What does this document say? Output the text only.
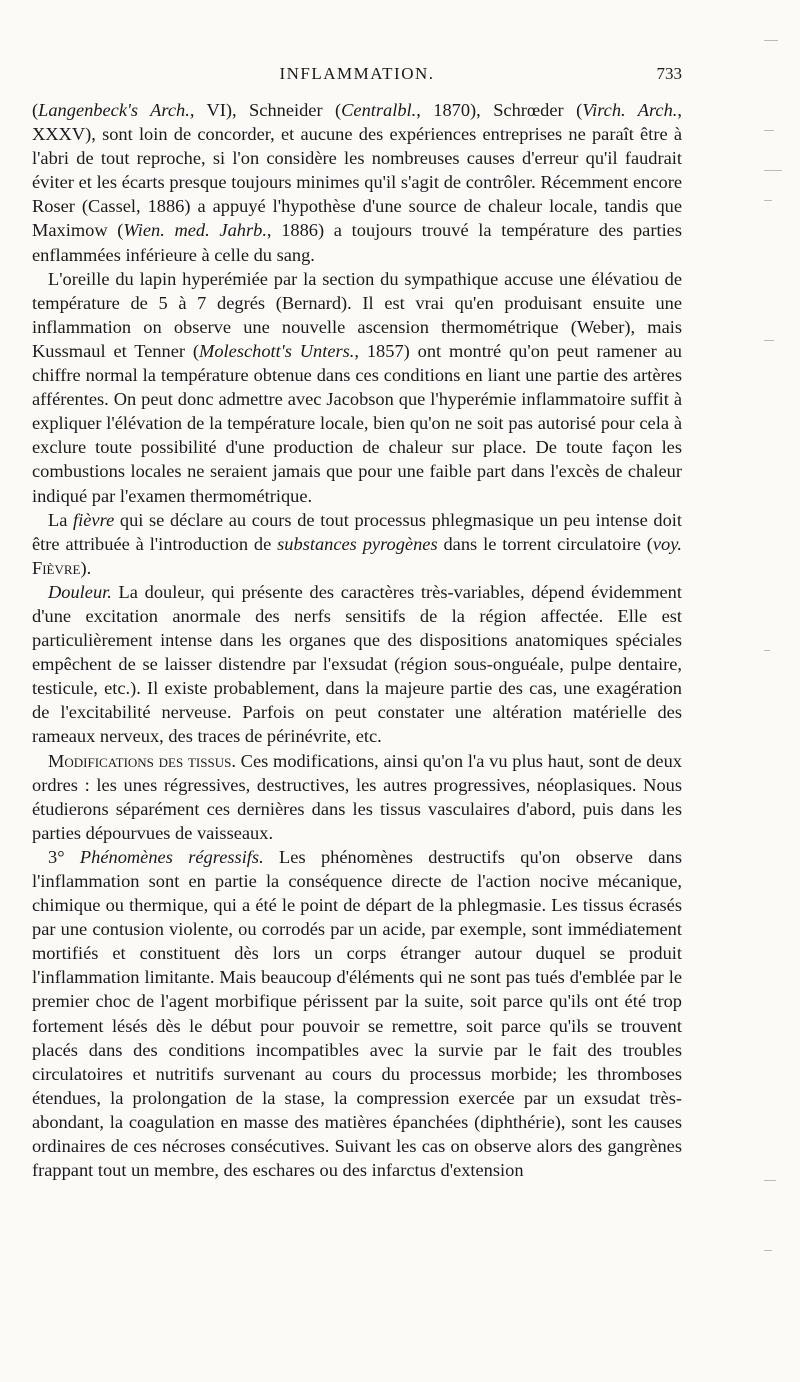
INFLAMMATION.	733

(Langenbeck's Arch., VI), Schneider (Centralbl., 1870), Schrœder (Virch. Arch., XXXV), sont loin de concorder, et aucune des expériences entreprises ne paraît être à l'abri de tout reproche, si l'on considère les nombreuses causes d'erreur qu'il faudrait éviter et les écarts presque toujours minimes qu'il s'agit de contrôler. Récemment encore Roser (Cassel, 1886) a appuyé l'hypothèse d'une source de chaleur locale, tandis que Maximow (Wien. med. Jahrb., 1886) a toujours trouvé la température des parties enflammées inférieure à celle du sang.

L'oreille du lapin hyperémiée par la section du sympathique accuse une élévatiou de température de 5 à 7 degrés (Bernard). Il est vrai qu'en produisant ensuite une inflammation on observe une nouvelle ascension thermométrique (Weber), mais Kussmaul et Tenner (Moleschott's Unters., 1857) ont montré qu'on peut ramener au chiffre normal la température obtenue dans ces conditions en liant une partie des artères afférentes. On peut donc admettre avec Jacobson que l'hyperémie inflammatoire suffit à expliquer l'élévation de la température locale, bien qu'on ne soit pas autorisé pour cela à exclure toute possibilité d'une production de chaleur sur place. De toute façon les combustions locales ne seraient jamais que pour une faible part dans l'excès de chaleur indiqué par l'examen thermométrique.

La fièvre qui se déclare au cours de tout processus phlegmasique un peu intense doit être attribuée à l'introduction de substances pyrogènes dans le torrent circulatoire (voy. Fièvre).

Douleur. La douleur, qui présente des caractères très-variables, dépend évidemment d'une excitation anormale des nerfs sensitifs de la région affectée. Elle est particulièrement intense dans les organes que des dispositions anatomiques spéciales empêchent de se laisser distendre par l'exsudat (région sous-onguéale, pulpe dentaire, testicule, etc.). Il existe probablement, dans la majeure partie des cas, une exagération de l'excitabilité nerveuse. Parfois on peut constater une altération matérielle des rameaux nerveux, des traces de périnévrite, etc.

Modifications des tissus. Ces modifications, ainsi qu'on l'a vu plus haut, sont de deux ordres : les unes régressives, destructives, les autres progressives, néoplasiques. Nous étudierons séparément ces dernières dans les tissus vasculaires d'abord, puis dans les parties dépourvues de vaisseaux.

3° Phénomènes régressifs. Les phénomènes destructifs qu'on observe dans l'inflammation sont en partie la conséquence directe de l'action nocive mécanique, chimique ou thermique, qui a été le point de départ de la phlegmasie. Les tissus écrasés par une contusion violente, ou corrodés par un acide, par exemple, sont immédiatement mortifiés et constituent dès lors un corps étranger autour duquel se produit l'inflammation limitante. Mais beaucoup d'éléments qui ne sont pas tués d'emblée par le premier choc de l'agent morbifique périssent par la suite, soit parce qu'ils ont été trop fortement lésés dès le début pour pouvoir se remettre, soit parce qu'ils se trouvent placés dans des conditions incompatibles avec la survie par le fait des troubles circulatoires et nutritifs survenant au cours du processus morbide; les thromboses étendues, la prolongation de la stase, la compression exercée par un exsudat très-abondant, la coagulation en masse des matières épanchées (diphthérie), sont les causes ordinaires de ces nécroses consécutives. Suivant les cas on observe alors des gangrènes frappant tout un membre, des eschares ou des infarctus d'extension
